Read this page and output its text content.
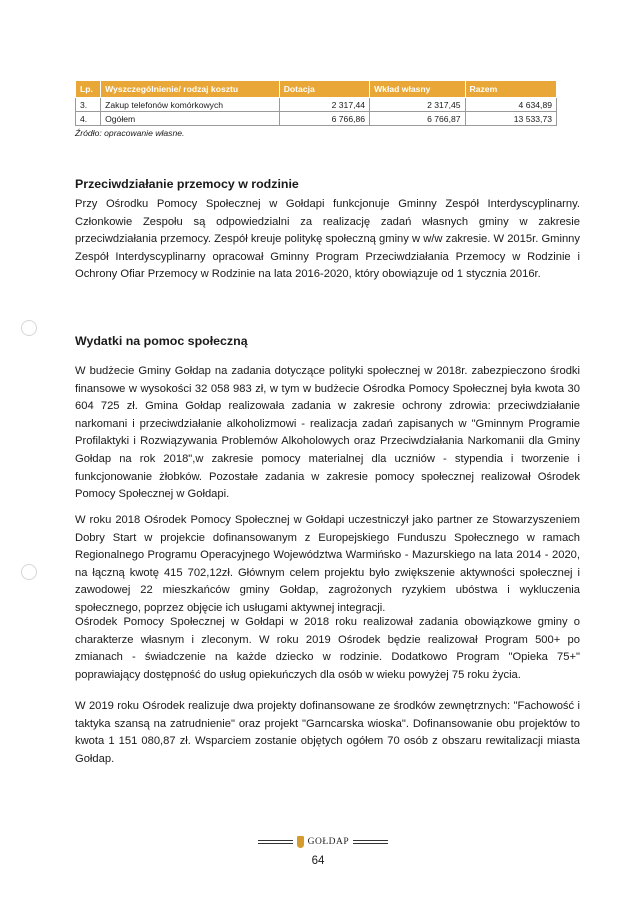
Lp.	Wyszczególnienie/ rodzaj kosztu	Dotacja	Wkład własny	Razem
3.	Zakup telefonów komórkowych	2 317,44	2 317,45	4 634,89
4.	Ogółem	6 766,86	6 766,87	13 533,73
Źródło: opracowanie własne.
Przeciwdziałanie przemocy w rodzinie

Przy Ośrodku Pomocy Społecznej w Gołdapi funkcjonuje Gminny Zespół Interdyscyplinarny. Członkowie Zespołu są odpowiedzialni za realizację zadań własnych gminy w zakresie przeciwdziałania przemocy. Zespół kreuje politykę społeczną gminy w w/w zakresie. W 2015r. Gminny Zespół Interdyscyplinarny opracował Gminny Program Przeciwdziałania Przemocy w Rodzinie i Ochrony Ofiar Przemocy w Rodzinie na lata 2016-2020, który obowiązuje od 1 stycznia 2016r.

Wydatki na pomoc społeczną

W budżecie Gminy Gołdap na zadania dotyczące polityki społecznej w 2018r. zabezpieczono środki finansowe w wysokości 32 058 983 zł, w tym w budżecie Ośrodka Pomocy Społecznej była kwota 30 604 725 zł. Gmina Gołdap realizowała zadania w zakresie ochrony zdrowia: przeciwdziałanie narkomani i przeciwdziałanie alkoholizmowi - realizacja zadań zapisanych w "Gminnym Programie Profilaktyki i Rozwiązywania Problemów Alkoholowych oraz Przeciwdziałania Narkomanii dla Gminy Gołdap na rok 2018",w zakresie pomocy materialnej dla uczniów - stypendia i tworzenie i funkcjonowanie żłobków. Pozostałe zadania w zakresie pomocy społecznej realizował Ośrodek Pomocy Społecznej w Gołdapi.

W roku 2018 Ośrodek Pomocy Społecznej w Gołdapi uczestniczył jako partner ze Stowarzyszeniem Dobry Start w projekcie dofinansowanym z Europejskiego Funduszu Społecznego w ramach Regionalnego Programu Operacyjnego Województwa Warmińsko - Mazurskiego na lata 2014 - 2020, na łączną kwotę 415 702,12zł. Głównym celem projektu było zwiększenie aktywności społecznej i zawodowej 22 mieszkańców gminy Gołdap, zagrożonych ryzykiem ubóstwa i wykluczenia społecznego, poprzez objęcie ich usługami aktywnej integracji.

Ośrodek Pomocy Społecznej w Gołdapi w 2018 roku realizował zadania obowiązkowe gminy o charakterze własnym i zleconym. W roku 2019 Ośrodek będzie realizował Program 500+ po zmianach - świadczenie na każde dziecko w rodzinie. Dodatkowo Program "Opieka 75+" poprawiający dostępność do usług opiekuńczych dla osób w wieku powyżej 75 roku życia.

W 2019 roku Ośrodek realizuje dwa projekty dofinansowane ze środków zewnętrznych: "Fachowość i taktyka szansą na zatrudnienie" oraz projekt "Garncarska wioska". Dofinansowanie obu projektów to kwota 1 151 080,87 zł. Wsparciem zostanie objętych ogółem 70 osób z obszaru rewitalizacji miasta Gołdap.

GOŁDAP
64
